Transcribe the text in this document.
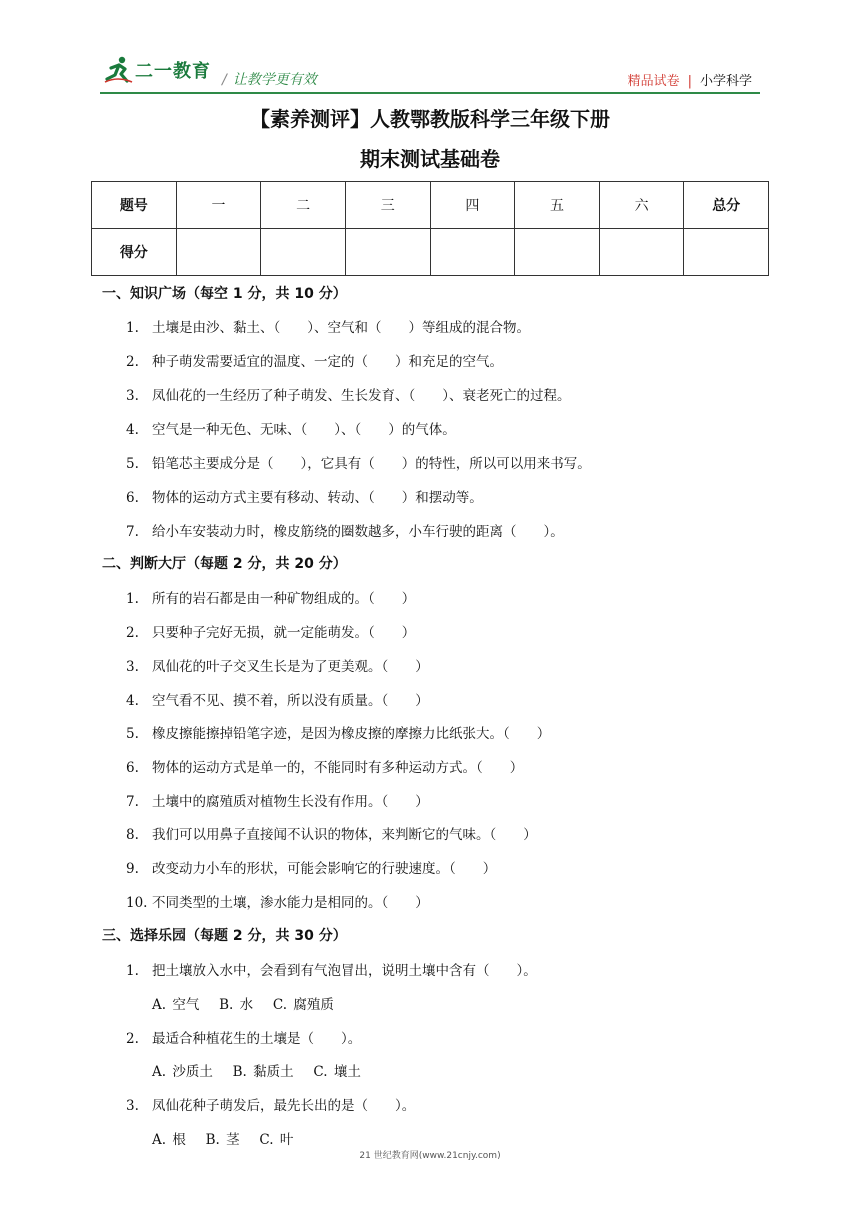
二一教育 / 让教学更有效	精品试卷 | 小学科学
【素养测评】人教鄂教版科学三年级下册
期末测试基础卷
题号	一	二	三	四	五	六	总分
得分							
一、知识广场（每空 1 分，共 10 分）
1. 土壤是由沙、黏土、（　　）、空气和（　　）等组成的混合物。
2. 种子萌发需要适宜的温度、一定的（　　）和充足的空气。
3. 凤仙花的一生经历了种子萌发、生长发育、（　　）、衰老死亡的过程。
4. 空气是一种无色、无味、（　　）、（　　）的气体。
5. 铅笔芯主要成分是（　　），它具有（　　）的特性，所以可以用来书写。
6. 物体的运动方式主要有移动、转动、（　　）和摆动等。
7. 给小车安装动力时，橡皮筋绕的圈数越多，小车行驶的距离（　　）。
二、判断大厅（每题 2 分，共 20 分）
1. 所有的岩石都是由一种矿物组成的。（　　）
2. 只要种子完好无损，就一定能萌发。（　　）
3. 凤仙花的叶子交叉生长是为了更美观。（　　）
4. 空气看不见、摸不着，所以没有质量。（　　）
5. 橡皮擦能擦掉铅笔字迹，是因为橡皮擦的摩擦力比纸张大。（　　）
6. 物体的运动方式是单一的，不能同时有多种运动方式。（　　）
7. 土壤中的腐殖质对植物生长没有作用。（　　）
8. 我们可以用鼻子直接闻不认识的物体，来判断它的气味。（　　）
9. 改变动力小车的形状，可能会影响它的行驶速度。（　　）
10. 不同类型的土壤，渗水能力是相同的。（　　）
三、选择乐园（每题 2 分，共 30 分）
1. 把土壤放入水中，会看到有气泡冒出，说明土壤中含有（　　）。
A. 空气　 B. 水　 C. 腐殖质
2. 最适合种植花生的土壤是（　　）。
A. 沙质土　 B. 黏质土　 C. 壤土
3. 凤仙花种子萌发后，最先长出的是（　　）。
A. 根　 B. 茎　 C. 叶
21 世纪教育网(www.21cnjy.com)
